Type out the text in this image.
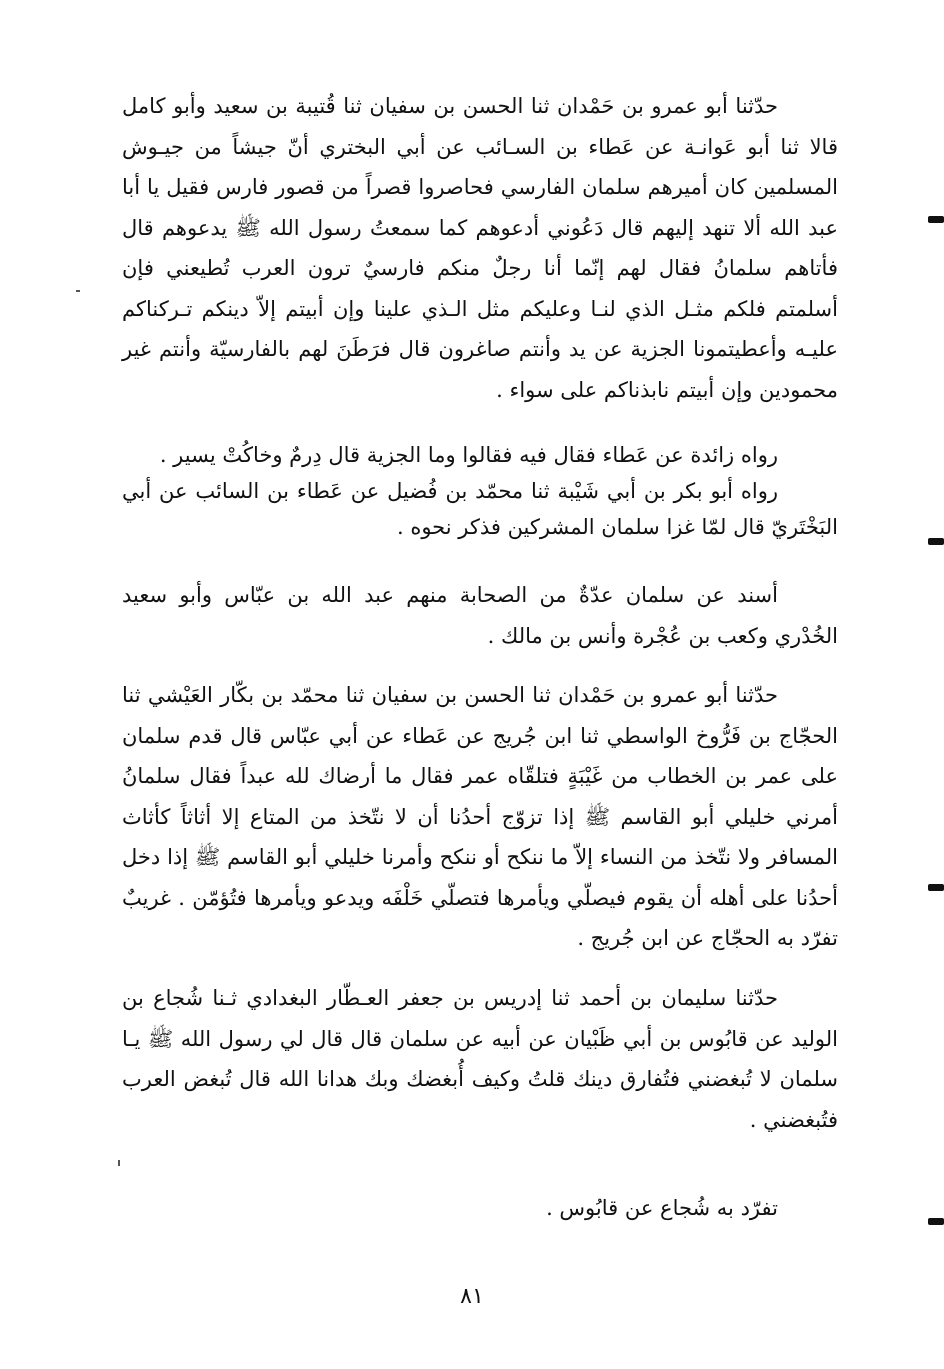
حدّثنا أبو عمرو بن حَمْدان ثنا الحسن بن سفيان ثنا قُتيبة بن سعيد وأبو كامل قالا ثنا أبو عَوانـة عن عَطاء بن السـائب عن أبي البختري أنّ جيشاً من جيـوش المسلمين كان أميرهم سلمان الفارسي فحاصروا قصراً من قصور فارس فقيل يا أبا عبد الله ألا تنهد إليهم قال دَعُوني أدعوهم كما سمعتُ رسول الله ﷺ يدعوهم قال فأتاهم سلمانُ فقال لهم إنّما أنا رجلٌ منكم فارسيٌ ترون العرب تُطيعني فإن أسلمتم فلكم مثـل الذي لنـا وعليكم مثل الـذي علينا وإن أبيتم إلاّ دينكم تـركناكم عليـه وأعطيتمونا الجزية عن يد وأنتم صاغرون قال فرَطَنَ لهم بالفارسيّة وأنتم غير محمودين وإن أبيتم نابذناكم على سواء .

رواه زائدة عن عَطاء فقال فيه فقالوا وما الجزية قال دِرمٌ وخاكُتْ يسير .

رواه أبو بكر بن أبي شَيْبة ثنا محمّد بن فُضيل عن عَطاء بن السائب عن أبي البَخْتَريّ قال لمّا غزا سلمان المشركين فذكر نحوه .

أسند عن سلمان عدّةٌ من الصحابة منهم عبد الله بن عبّاس وأبو سعيد الخُدْري وكعب بن عُجْرة وأنس بن مالك .

حدّثنا أبو عمرو بن حَمْدان ثنا الحسن بن سفيان ثنا محمّد بن بكّار العَيْشي ثنا الحجّاج بن فَرُّوخ الواسطي ثنا ابن جُريج عن عَطاء عن أبي عبّاس قال قدم سلمان على عمر بن الخطاب من غَيْبَةٍ فتلقّاه عمر فقال ما أرضاك لله عبداً فقال سلمانُ أمرني خليلي أبو القاسم ﷺ إذا تزوّج أحدُنا أن لا نتّخذ من المتاع إلا أثاثاً كأثاث المسافر ولا نتّخذ من النساء إلاّ ما ننكح أو ننكح وأمرنا خليلي أبو القاسم ﷺ إذا دخل أحدُنا على أهله أن يقوم فيصلّي ويأمرها فتصلّي خَلْفَه ويدعو ويأمرها فتُؤمّن . غريبٌ تفرّد به الحجّاج عن ابن جُريج .

حدّثنا سليمان بن أحمد ثنا إدريس بن جعفر العـطّار البغدادي ثـنا شُجاع بن الوليد عن قابُوس بن أبي ظَبْيان عن أبيه عن سلمان قال قال لي رسول الله ﷺ يـا سلمان لا تُبغضني فتُفارق دينك قلتُ وكيف أُبغضك وبك هدانا الله قال تُبغض العرب فتُبغضني .

تفرّد به شُجاع عن قابُوس .

٨١
